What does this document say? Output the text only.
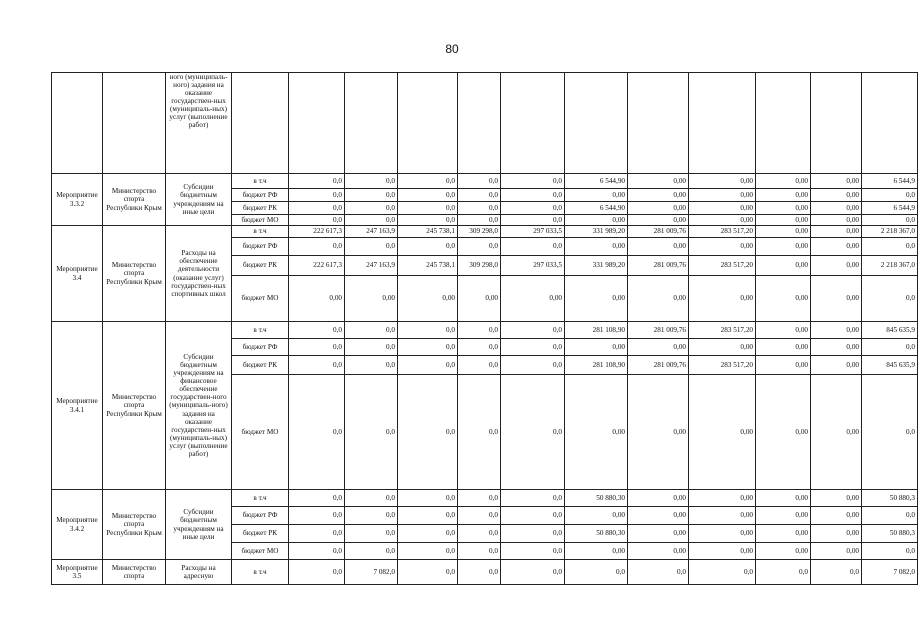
80
		ного (муниципаль-ного) задания на оказание государствен-ных (муниципаль-ных) услуг (выполнение работ)												
Мероприятие 3.3.2	Министерство спорта Республики Крым	Субсидии бюджетным учреждениям на иные цели	в т.ч	0,0	0,0	0,0	0,0	0,0	6 544,90	0,00	0,00	0,00	0,00	6 544,9
			бюджет РФ	0,0	0,0	0,0	0,0	0,0	0,00	0,00	0,00	0,00	0,00	0,0
			бюджет РК	0,0	0,0	0,0	0,0	0,0	6 544,90	0,00	0,00	0,00	0,00	6 544,9
			бюджет МО	0,0	0,0	0,0	0,0	0,0	0,00	0,00	0,00	0,00	0,00	0,0
Мероприятие 3.4	Министерство спорта Республики Крым	Расходы на обеспечение деятельности (оказание услуг) государствен-ных спортивных школ	в т.ч	222 617,3	247 163,9	245 738,1	309 298,0	297 033,5	331 989,20	281 009,76	283 517,20	0,00	0,00	2 218 367,0
			бюджет РФ	0,0	0,0	0,0	0,0	0,0	0,00	0,00	0,00	0,00	0,00	0,0
			бюджет РК	222 617,3	247 163,9	245 738,1	309 298,0	297 033,5	331 989,20	281 009,76	283 517,20	0,00	0,00	2 218 367,0
			бюджет МО	0,00	0,00	0,00	0,00	0,00	0,00	0,00	0,00	0,00	0,00	0,0
Мероприятие 3.4.1	Министерство спорта Республики Крым	Субсидии бюджетным учреждениям на финансовое обеспечение государствен-ного (муниципаль-ного) задания на оказание государствен-ных (муниципаль-ных) услуг (выполнение работ)	в т.ч	0,0	0,0	0,0	0,0	0,0	281 108,90	281 009,76	283 517,20	0,00	0,00	845 635,9
			бюджет РФ	0,0	0,0	0,0	0,0	0,0	0,00	0,00	0,00	0,00	0,00	0,0
			бюджет РК	0,0	0,0	0,0	0,0	0,0	281 108,90	281 009,76	283 517,20	0,00	0,00	845 635,9
			бюджет МО	0,0	0,0	0,0	0,0	0,0	0,00	0,00	0,00	0,00	0,00	0,0
Мероприятие 3.4.2	Министерство спорта Республики Крым	Субсидии бюджетным учреждениям на иные цели	в т.ч	0,0	0,0	0,0	0,0	0,0	50 880,30	0,00	0,00	0,00	0,00	50 880,3
			бюджет РФ	0,0	0,0	0,0	0,0	0,0	0,00	0,00	0,00	0,00	0,00	0,0
			бюджет РК	0,0	0,0	0,0	0,0	0,0	50 880,30	0,00	0,00	0,00	0,00	50 880,3
			бюджет МО	0,0	0,0	0,0	0,0	0,0	0,00	0,00	0,00	0,00	0,00	0,0
Мероприятие 3.5	Министерство спорта	Расходы на адресную	в т.ч	0,0	7 082,0	0,0	0,0	0,0	0,0	0,0	0,0	0,0	0,0	7 082,0
